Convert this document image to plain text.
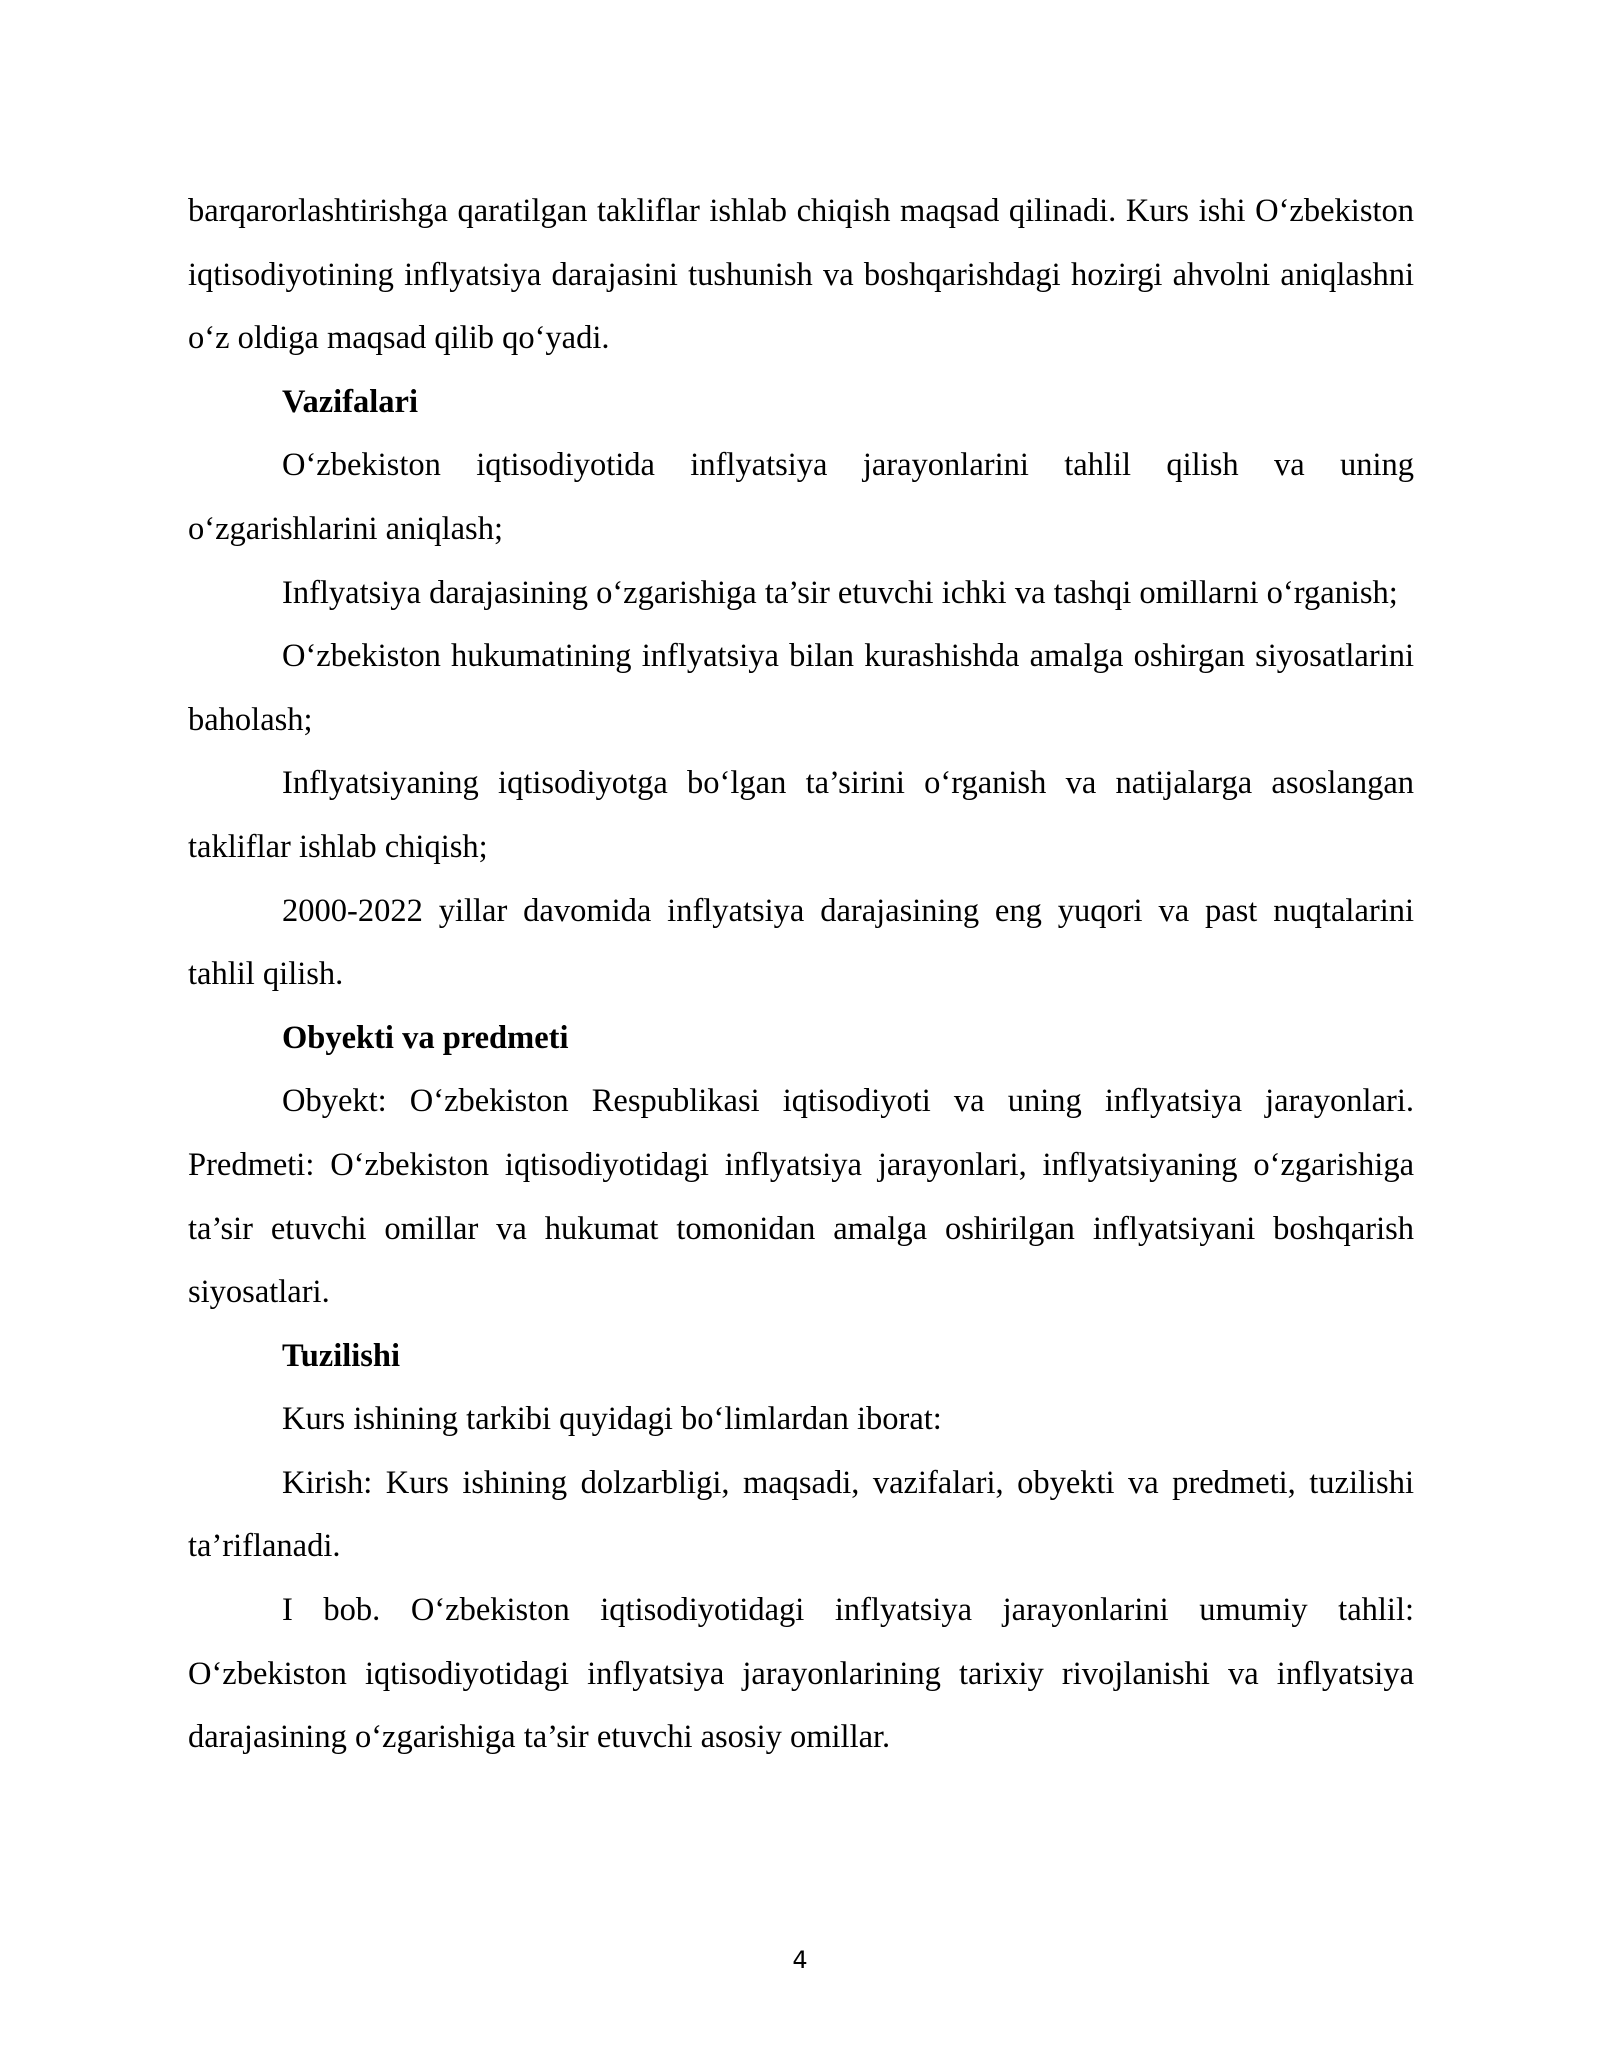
barqarorlashtirishga qaratilgan takliflar ishlab chiqish maqsad qilinadi. Kurs ishi O‘zbekiston iqtisodiyotining inflyatsiya darajasini tushunish va boshqarishdagi hozirgi ahvolni aniqlashni o‘z oldiga maqsad qilib qo‘yadi.

Vazifalari

O‘zbekiston iqtisodiyotida inflyatsiya jarayonlarini tahlil qilish va uning o‘zgarishlarini aniqlash;

Inflyatsiya darajasining o‘zgarishiga ta’sir etuvchi ichki va tashqi omillarni o‘rganish;

O‘zbekiston hukumatining inflyatsiya bilan kurashishda amalga oshirgan siyosatlarini baholash;

Inflyatsiyaning iqtisodiyotga bo‘lgan ta’sirini o‘rganish va natijalarga asoslangan takliflar ishlab chiqish;

2000-2022 yillar davomida inflyatsiya darajasining eng yuqori va past nuqtalarini tahlil qilish.

Obyekti va predmeti

Obyekt: O‘zbekiston Respublikasi iqtisodiyoti va uning inflyatsiya jarayonlari. Predmeti: O‘zbekiston iqtisodiyotidagi inflyatsiya jarayonlari, inflyatsiyaning o‘zgarishiga ta’sir etuvchi omillar va hukumat tomonidan amalga oshirilgan inflyatsiyani boshqarish siyosatlari.

Tuzilishi

Kurs ishining tarkibi quyidagi bo‘limlardan iborat:

Kirish: Kurs ishining dolzarbligi, maqsadi, vazifalari, obyekti va predmeti, tuzilishi ta’riflanadi.

I bob. O‘zbekiston iqtisodiyotidagi inflyatsiya jarayonlarini umumiy tahlil: O‘zbekiston iqtisodiyotidagi inflyatsiya jarayonlarining tarixiy rivojlanishi va inflyatsiya darajasining o‘zgarishiga ta’sir etuvchi asosiy omillar.

4
